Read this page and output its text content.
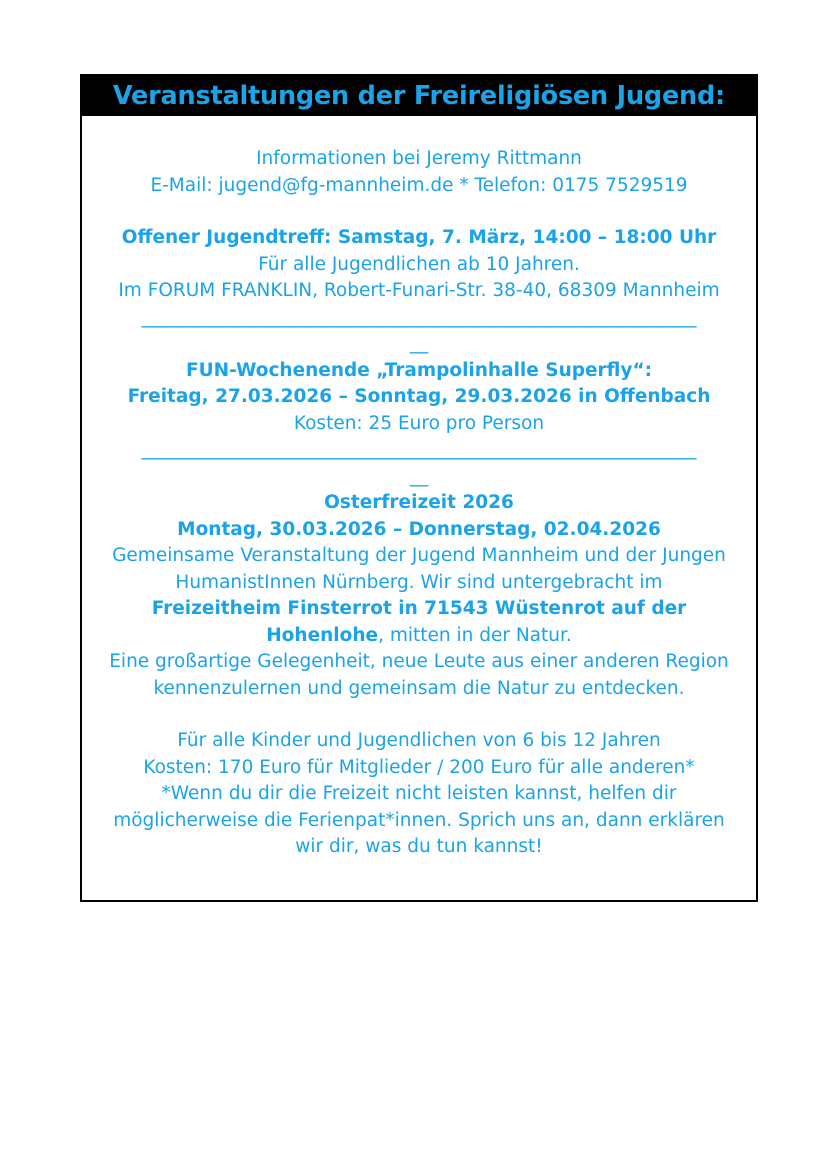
Veranstaltungen der Freireligiösen Jugend:

Informationen bei Jeremy Rittmann

E-Mail: jugend@fg-mannheim.de * Telefon: 0175 7529519

Offener Jugendtreff: Samstag, 7. März, 14:00 – 18:00 Uhr

Für alle Jugendlichen ab 10 Jahren.

Im FORUM FRANKLIN, Robert-Funari-Str. 38-40, 68309 Mannheim

____________________________________________________________

__

FUN-Wochenende „Trampolinhalle Superfly“:

Freitag, 27.03.2026 – Sonntag, 29.03.2026 in Offenbach

Kosten: 25 Euro pro Person

____________________________________________________________

__

Osterfreizeit 2026

Montag, 30.03.2026 – Donnerstag, 02.04.2026

Gemeinsame Veranstaltung der Jugend Mannheim und der Jungen

HumanistInnen Nürnberg. Wir sind untergebracht im

Freizeitheim Finsterrot in 71543 Wüstenrot auf der

Hohenlohe, mitten in der Natur.

Eine großartige Gelegenheit, neue Leute aus einer anderen Region

kennenzulernen und gemeinsam die Natur zu entdecken.

Für alle Kinder und Jugendlichen von 6 bis 12 Jahren

Kosten: 170 Euro für Mitglieder / 200 Euro für alle anderen*

*Wenn du dir die Freizeit nicht leisten kannst, helfen dir

möglicherweise die Ferienpat*innen. Sprich uns an, dann erklären

wir dir, was du tun kannst!
